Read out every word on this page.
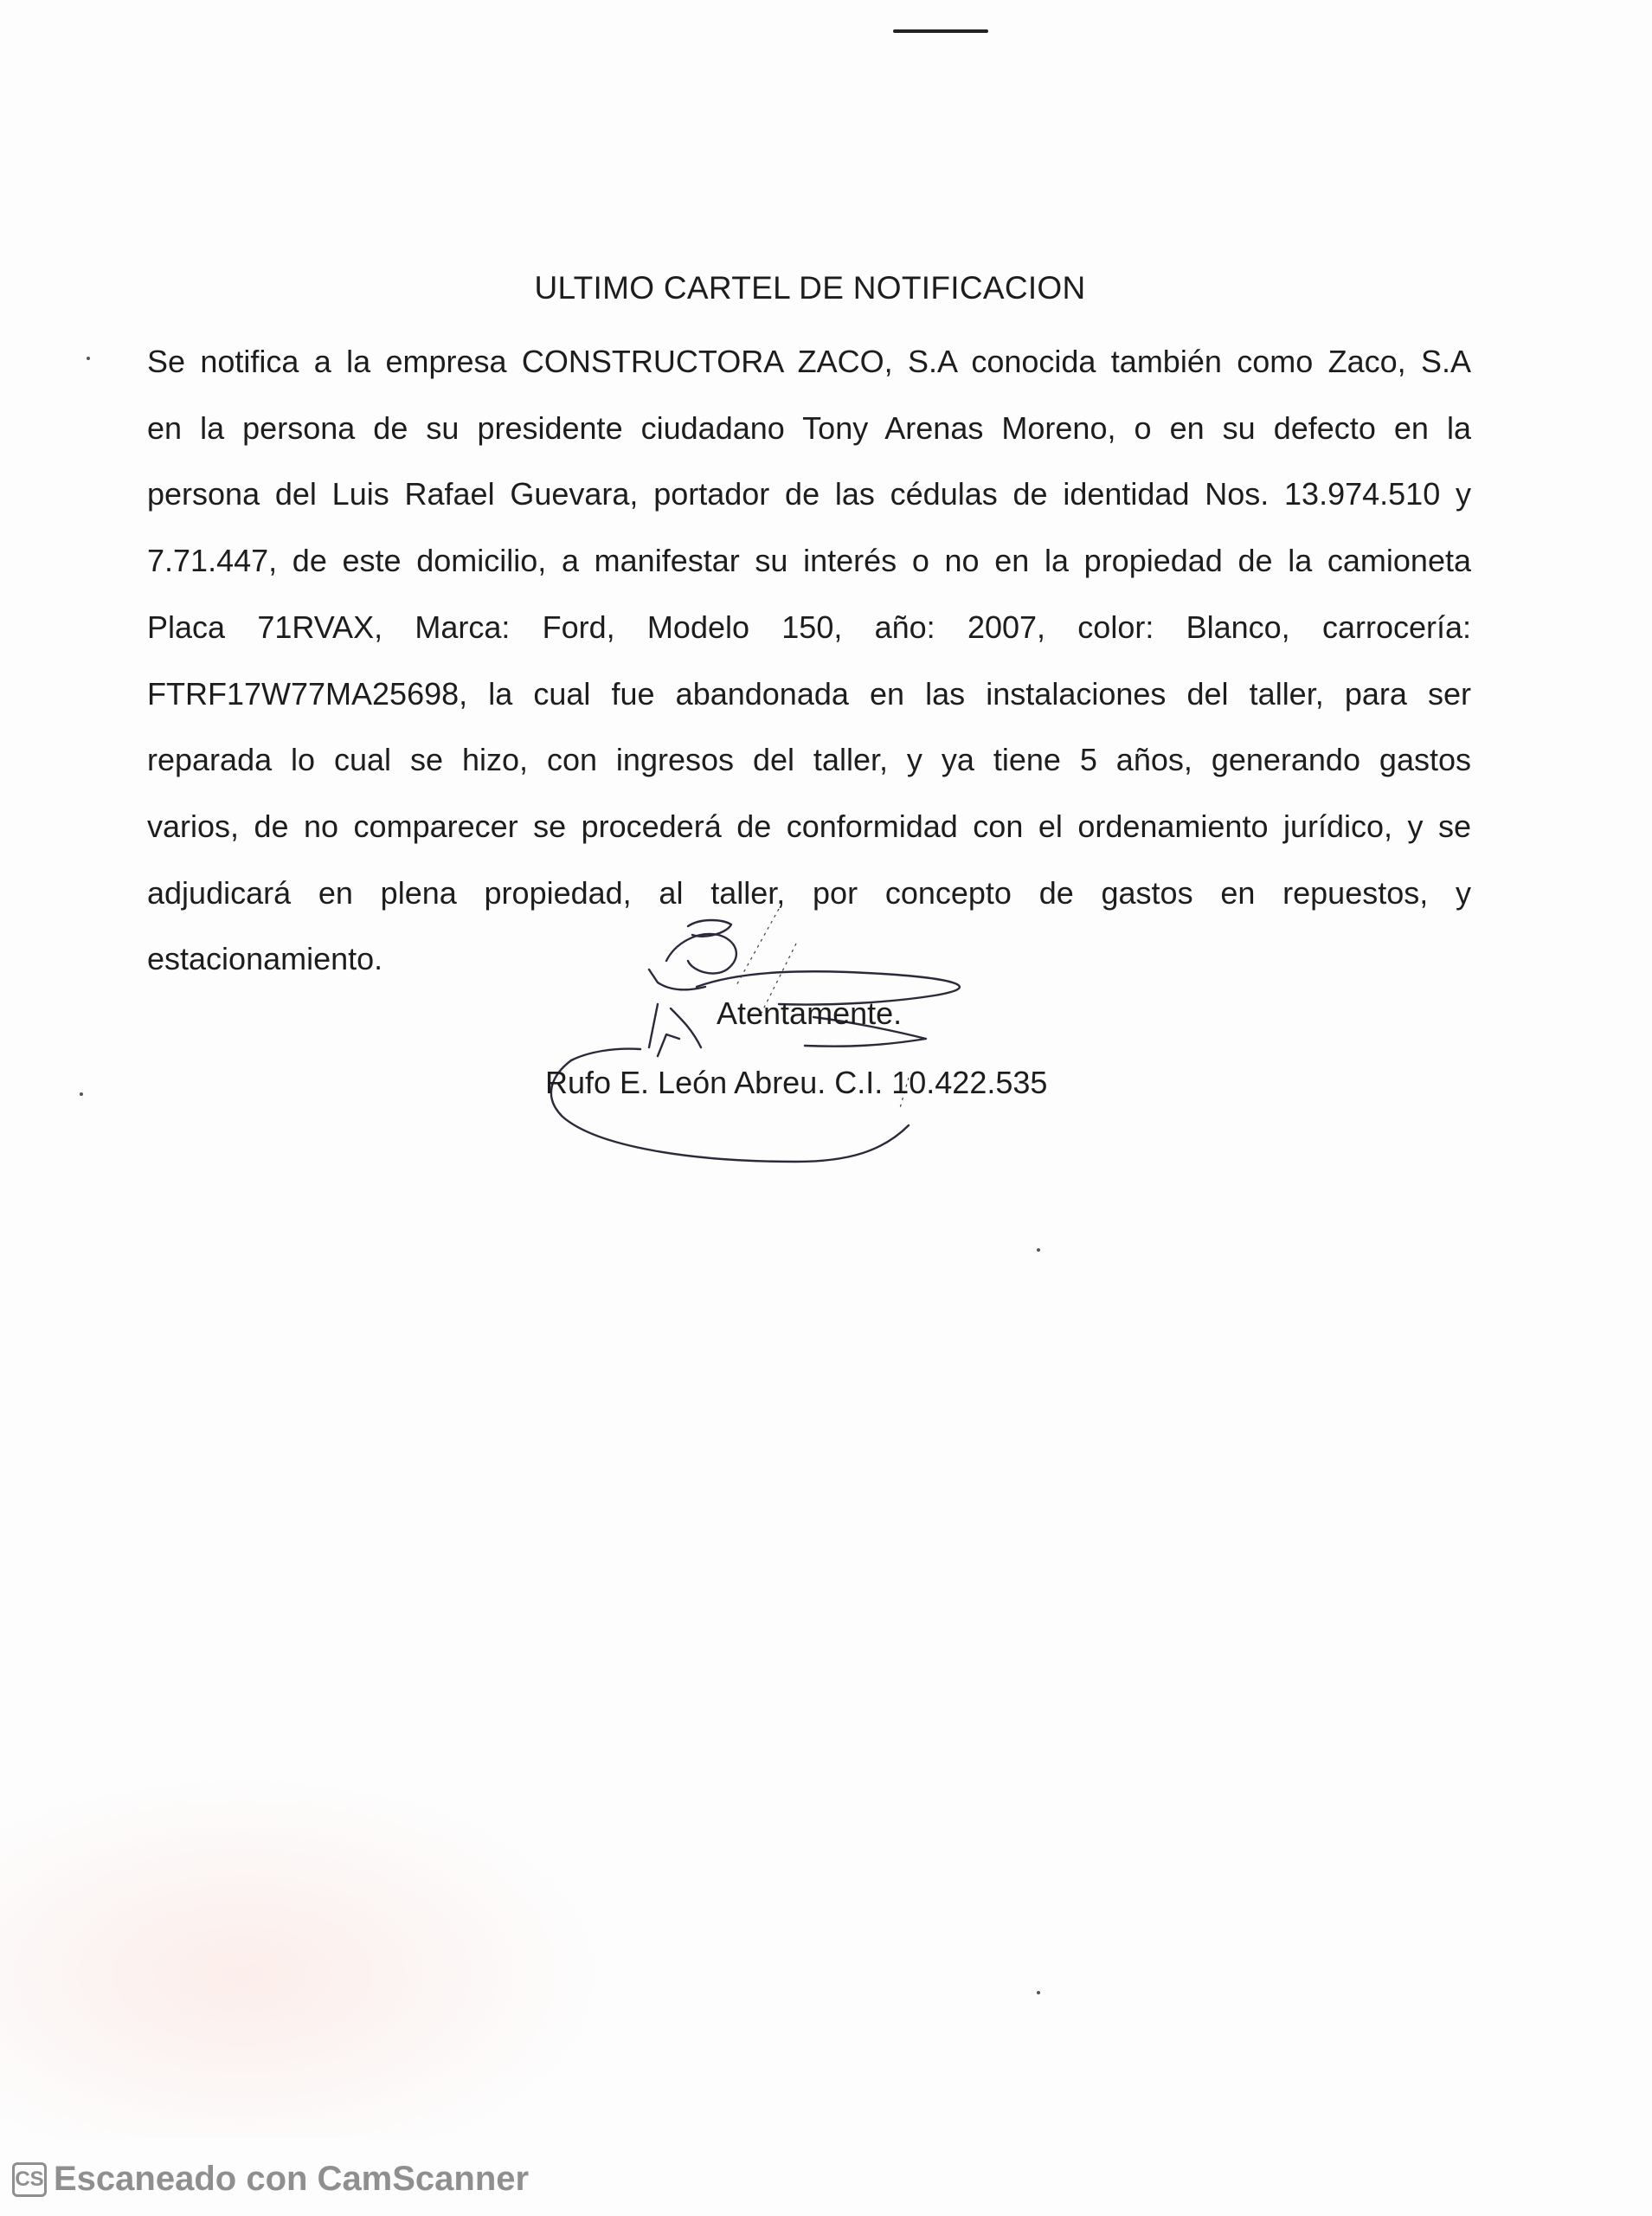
ULTIMO CARTEL DE NOTIFICACION
Se notifica a la empresa CONSTRUCTORA ZACO, S.A conocida también como Zaco, S.A
en la persona de su presidente ciudadano Tony Arenas Moreno, o en su defecto en la
persona del Luis Rafael Guevara, portador de las cédulas de identidad Nos. 13.974.510 y
7.71.447, de este domicilio, a manifestar su interés o no en la propiedad de la camioneta
Placa 71RVAX, Marca: Ford, Modelo 150, año: 2007, color: Blanco, carrocería:
FTRF17W77MA25698, la cual fue abandonada en las instalaciones del taller, para ser
reparada lo cual se hizo, con ingresos del taller, y ya tiene 5 años, generando gastos
varios, de no comparecer se procederá de conformidad con el ordenamiento jurídico, y se
adjudicará en plena propiedad, al taller, por concepto de gastos en repuestos, y
estacionamiento.
Atentamente.
Rufo E. León Abreu. C.I. 10.422.535
CS Escaneado con CamScanner
